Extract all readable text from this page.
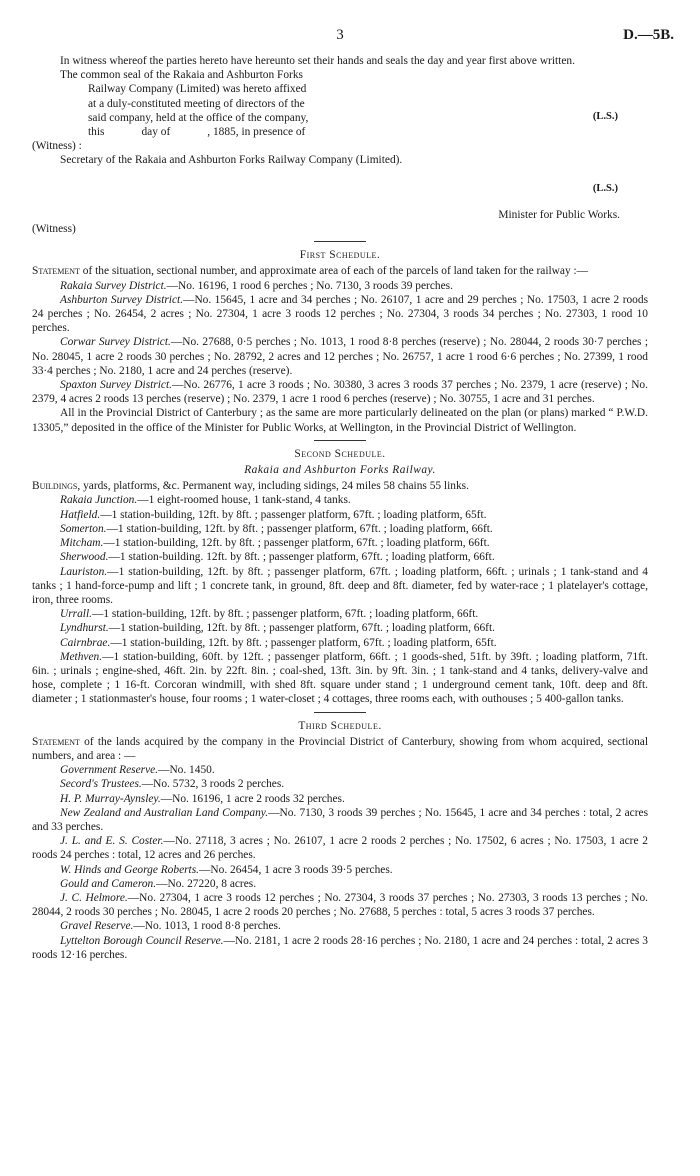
3	D.—5B.

In witness whereof the parties hereto have hereunto set their hands and seals the day and year first above written.

The common seal of the Rakaia and Ashburton Forks
Railway Company (Limited) was hereto affixed
at a duly-constituted meeting of directors of the
said company, held at the office of the company,
this             day of             , 1885, in presence of
(L.S.)
(Witness) :
Secretary of the Rakaia and Ashburton Forks Railway Company (Limited).
(L.S.)
Minister for Public Works.
(Witness)
First Schedule.

Statement of the situation, sectional number, and approximate area of each of the parcels of land taken for the railway :—

Rakaia Survey District.—No. 16196, 1 rood 6 perches ; No. 7130, 3 roods 39 perches.

Ashburton Survey District.—No. 15645, 1 acre and 34 perches ; No. 26107, 1 acre and 29 perches ; No. 17503, 1 acre 2 roods 24 perches ; No. 26454, 2 acres ; No. 27304, 1 acre 3 roods 12 perches ; No. 27304, 3 roods 34 perches ; No. 27303, 1 rood 10 perches.

Corwar Survey District.—No. 27688, 0·5 perches ; No. 1013, 1 rood 8·8 perches (reserve) ; No. 28044, 2 roods 30·7 perches ; No. 28045, 1 acre 2 roods 30 perches ; No. 28792, 2 acres and 12 perches ; No. 26757, 1 acre 1 rood 6·6 perches ; No. 27399, 1 rood 33·4 perches ; No. 2180, 1 acre and 24 perches (reserve).

Spaxton Survey District.—No. 26776, 1 acre 3 roods ; No. 30380, 3 acres 3 roods 37 perches ; No. 2379, 1 acre (reserve) ; No. 2379, 4 acres 2 roods 13 perches (reserve) ; No. 2379, 1 acre 1 rood 6 perches (reserve) ; No. 30755, 1 acre and 31 perches.

All in the Provincial District of Canterbury ; as the same are more particularly delineated on the plan (or plans) marked “ P.W.D. 13305,” deposited in the office of the Minister for Public Works, at Wellington, in the Provincial District of Wellington.

Second Schedule.
Rakaia and Ashburton Forks Railway.

Buildings, yards, platforms, &c. Permanent way, including sidings, 24 miles 58 chains 55 links.

Rakaia Junction.—1 eight-roomed house, 1 tank-stand, 4 tanks.

Hatfield.—1 station-building, 12ft. by 8ft. ; passenger platform, 67ft. ; loading platform, 65ft.

Somerton.—1 station-building, 12ft. by 8ft. ; passenger platform, 67ft. ; loading platform, 66ft.

Mitcham.—1 station-building, 12ft. by 8ft. ; passenger platform, 67ft. ; loading platform, 66ft.

Sherwood.—1 station-building. 12ft. by 8ft. ; passenger platform, 67ft. ; loading platform, 66ft.

Lauriston.—1 station-building, 12ft. by 8ft. ; passenger platform, 67ft. ; loading platform, 66ft. ; urinals ; 1 tank-stand and 4 tanks ; 1 hand-force-pump and lift ; 1 concrete tank, in ground, 8ft. deep and 8ft. diameter, fed by water-race ; 1 platelayer's cottage, iron, three rooms.

Urrall.—1 station-building, 12ft. by 8ft. ; passenger platform, 67ft. ; loading platform, 66ft.

Lyndhurst.—1 station-building, 12ft. by 8ft. ; passenger platform, 67ft. ; loading platform, 66ft.

Cairnbrae.—1 station-building, 12ft. by 8ft. ; passenger platform, 67ft. ; loading platform, 65ft.

Methven.—1 station-building, 60ft. by 12ft. ; passenger platform, 66ft. ; 1 goods-shed, 51ft. by 39ft. ; loading platform, 71ft. 6in. ; urinals ; engine-shed, 46ft. 2in. by 22ft. 8in. ; coal-shed, 13ft. 3in. by 9ft. 3in. ; 1 tank-stand and 4 tanks, delivery-valve and hose, complete ; 1 16-ft. Corcoran windmill, with shed 8ft. square under stand ; 1 underground cement tank, 10ft. deep and 8ft. diameter ; 1 stationmaster's house, four rooms ; 1 water-closet ; 4 cottages, three rooms each, with outhouses ; 5 400-gallon tanks.

Third Schedule.

Statement of the lands acquired by the company in the Provincial District of Canterbury, showing from whom acquired, sectional numbers, and area : —

Government Reserve.—No. 1450.

Secord's Trustees.—No. 5732, 3 roods 2 perches.

H. P. Murray-Aynsley.—No. 16196, 1 acre 2 roods 32 perches.

New Zealand and Australian Land Company.—No. 7130, 3 roods 39 perches ; No. 15645, 1 acre and 34 perches : total, 2 acres and 33 perches.

J. L. and E. S. Coster.—No. 27118, 3 acres ; No. 26107, 1 acre 2 roods 2 perches ; No. 17502, 6 acres ; No. 17503, 1 acre 2 roods 24 perches : total, 12 acres and 26 perches.

W. Hinds and George Roberts.—No. 26454, 1 acre 3 roods 39·5 perches.

Gould and Cameron.—No. 27220, 8 acres.

J. C. Helmore.—No. 27304, 1 acre 3 roods 12 perches ; No. 27304, 3 roods 37 perches ; No. 27303, 3 roods 13 perches ; No. 28044, 2 roods 30 perches ; No. 28045, 1 acre 2 roods 20 perches ; No. 27688, 5 perches : total, 5 acres 3 roods 37 perches.

Gravel Reserve.—No. 1013, 1 rood 8·8 perches.

Lyttelton Borough Council Reserve.—No. 2181, 1 acre 2 roods 28·16 perches ; No. 2180, 1 acre and 24 perches : total, 2 acres 3 roods 12·16 perches.
